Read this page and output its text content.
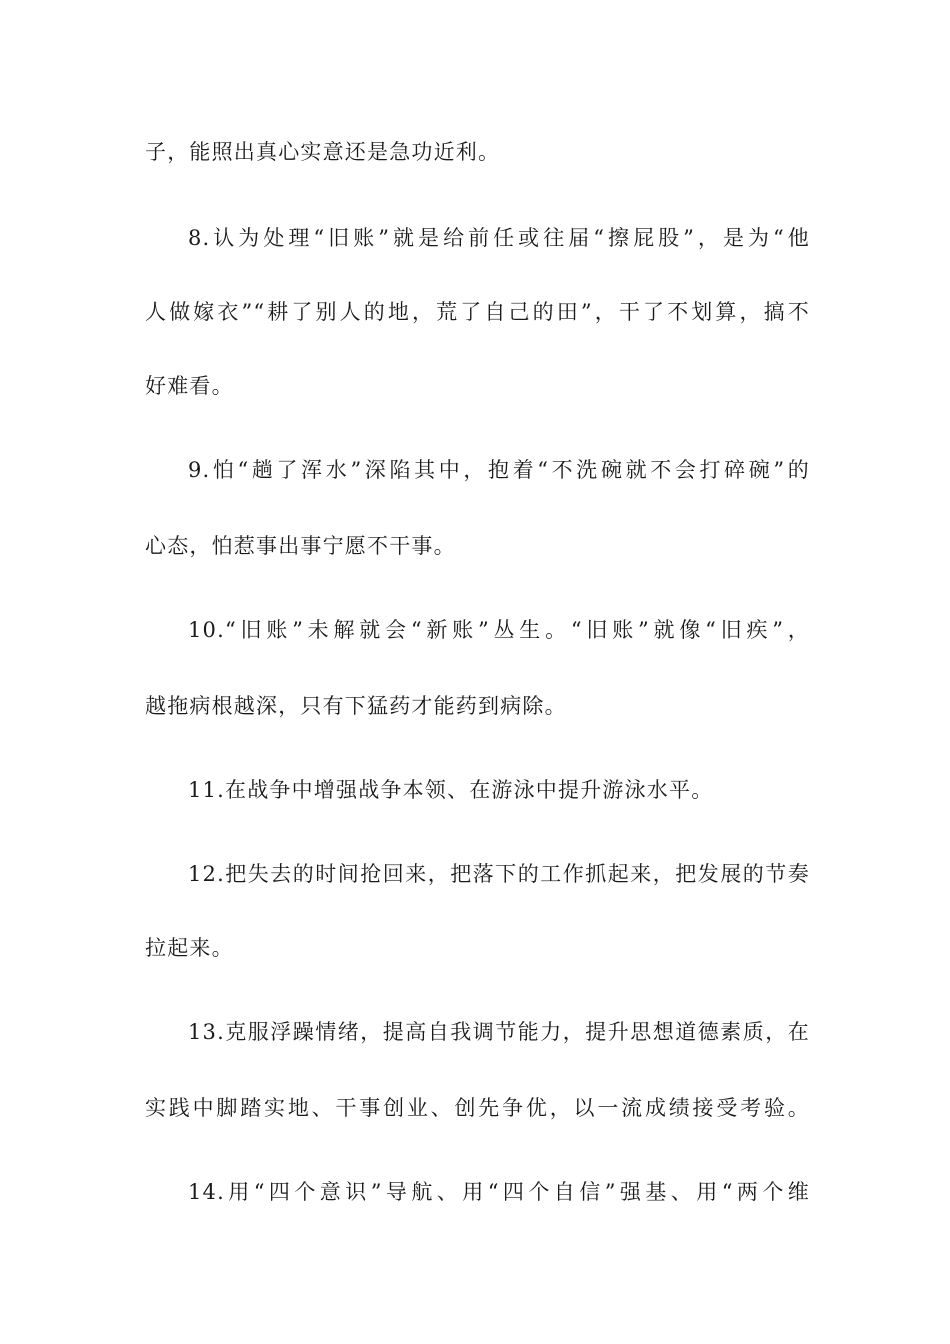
子，能照出真心实意还是急功近利。
8.认为处理“旧账”就是给前任或往届“擦屁股”，是为“他
人做嫁衣”“耕了别人的地，荒了自己的田”，干了不划算，搞不
好难看。
9.怕“趟了浑水”深陷其中，抱着“不洗碗就不会打碎碗”的
心态，怕惹事出事宁愿不干事。
10.“旧账”未解就会“新账”丛生。“旧账”就像“旧疾”，
越拖病根越深，只有下猛药才能药到病除。
11.在战争中增强战争本领、在游泳中提升游泳水平。
12.把失去的时间抢回来，把落下的工作抓起来，把发展的节奏
拉起来。
13.克服浮躁情绪，提高自我调节能力，提升思想道德素质，在
实践中脚踏实地、干事创业、创先争优，以一流成绩接受考验。
14.用“四个意识”导航、用“四个自信”强基、用“两个维
